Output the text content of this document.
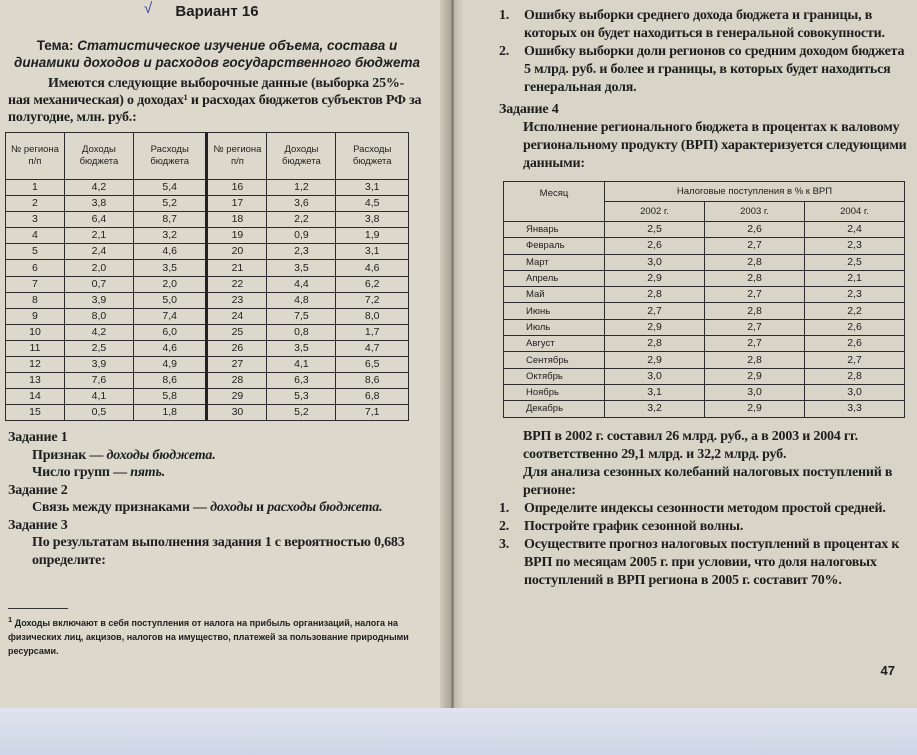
√ Вариант 16
Тема: Статистическое изучение объема, состава и динамики доходов и расходов государственного бюджета

Имеются следующие выборочные данные (выборка 25%-ная механическая) о доходах¹ и расходах бюджетов субъектов РФ за полугодие, млн. руб.:

№ региона п/п	Доходы бюджета	Расходы бюджета	№ региона п/п	Доходы бюджета	Расходы бюджета
1	4,2	5,4	16	1,2	3,1
2	3,8	5,2	17	3,6	4,5
3	6,4	8,7	18	2,2	3,8
4	2,1	3,2	19	0,9	1,9
5	2,4	4,6	20	2,3	3,1
6	2,0	3,5	21	3,5	4,6
7	0,7	2,0	22	4,4	6,2
8	3,9	5,0	23	4,8	7,2
9	8,0	7,4	24	7,5	8,0
10	4,2	6,0	25	0,8	1,7
11	2,5	4,6	26	3,5	4,7
12	3,9	4,9	27	4,1	6,5
13	7,6	8,6	28	6,3	8,6
14	4,1	5,8	29	5,3	6,8
15	0,5	1,8	30	5,2	7,1
Задание 1

Признак — доходы бюджета.

Число групп — пять.

Задание 2

Связь между признаками — доходы и расходы бюджета.

Задание 3

По результатам выполнения задания 1 с вероятностью 0,683 определите:

$^1$ Доходы включают в себя поступления от налога на прибыль организаций, налога на физических лиц, акцизов, налогов на имущество, платежей за пользование природными ресурсами.
1. Ошибку выборки среднего дохода бюджета и границы, в которых он будет находиться в генеральной совокупности.
2. Ошибку выборки доли регионов со средним доходом бюджета 5 млрд. руб. и более и границы, в которых будет находиться генеральная доля.
Задание 4

Исполнение регионального бюджета в процентах к валовому региональному продукту (ВРП) характеризуется следующими данными:

Месяц	Налоговые поступления в % к ВРП		
	2002 г.	2003 г.	2004 г.
Январь	2,5	2,6	2,4
Февраль	2,6	2,7	2,3
Март	3,0	2,8	2,5
Апрель	2,9	2,8	2,1
Май	2,8	2,7	2,3
Июнь	2,7	2,8	2,2
Июль	2,9	2,7	2,6
Август	2,8	2,7	2,6
Сентябрь	2,9	2,8	2,7
Октябрь	3,0	2,9	2,8
Ноябрь	3,1	3,0	3,0
Декабрь	3,2	2,9	3,3

ВРП в 2002 г. составил 26 млрд. руб., а в 2003 и 2004 гг. соответственно 29,1 млрд. и 32,2 млрд. руб.

Для анализа сезонных колебаний налоговых поступлений в регионе:

1. Определите индексы сезонности методом простой средней.
2. Постройте график сезонной волны.
3. Осуществите прогноз налоговых поступлений в процентах к ВРП по месяцам 2005 г. при условии, что доля налоговых поступлений в ВРП региона в 2005 г. составит 70%.
47
